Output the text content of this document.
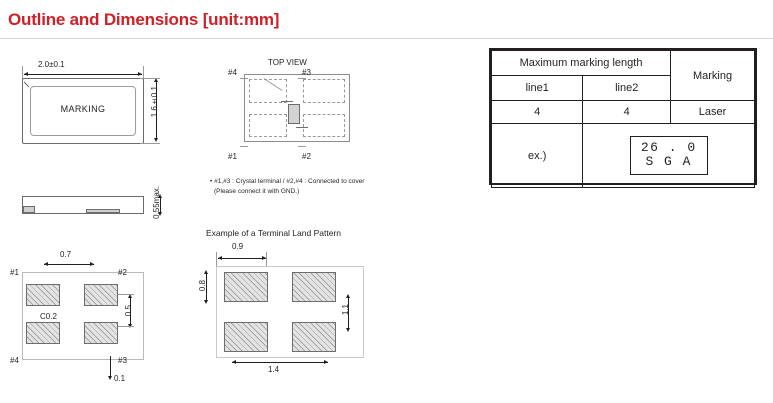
Outline and Dimensions [unit:mm]
2.0±0.1
MARKING	1.6±0.1
0.55max.
0.7
#1	#2
#3
#4
C0.2
0.5
0.1
TOP VIEW
#4	#3
#1	#2
• #1,#3 : Crystal terminal / #2,#4 : Connected to cover
(Please connect it with GND.)
Example of a Terminal Land Pattern
0.9
0.8
1.1
1.4
Maximum marking length		Marking
line1	line2	
4	4	Laser
ex.)	26 . 0
S G A	
